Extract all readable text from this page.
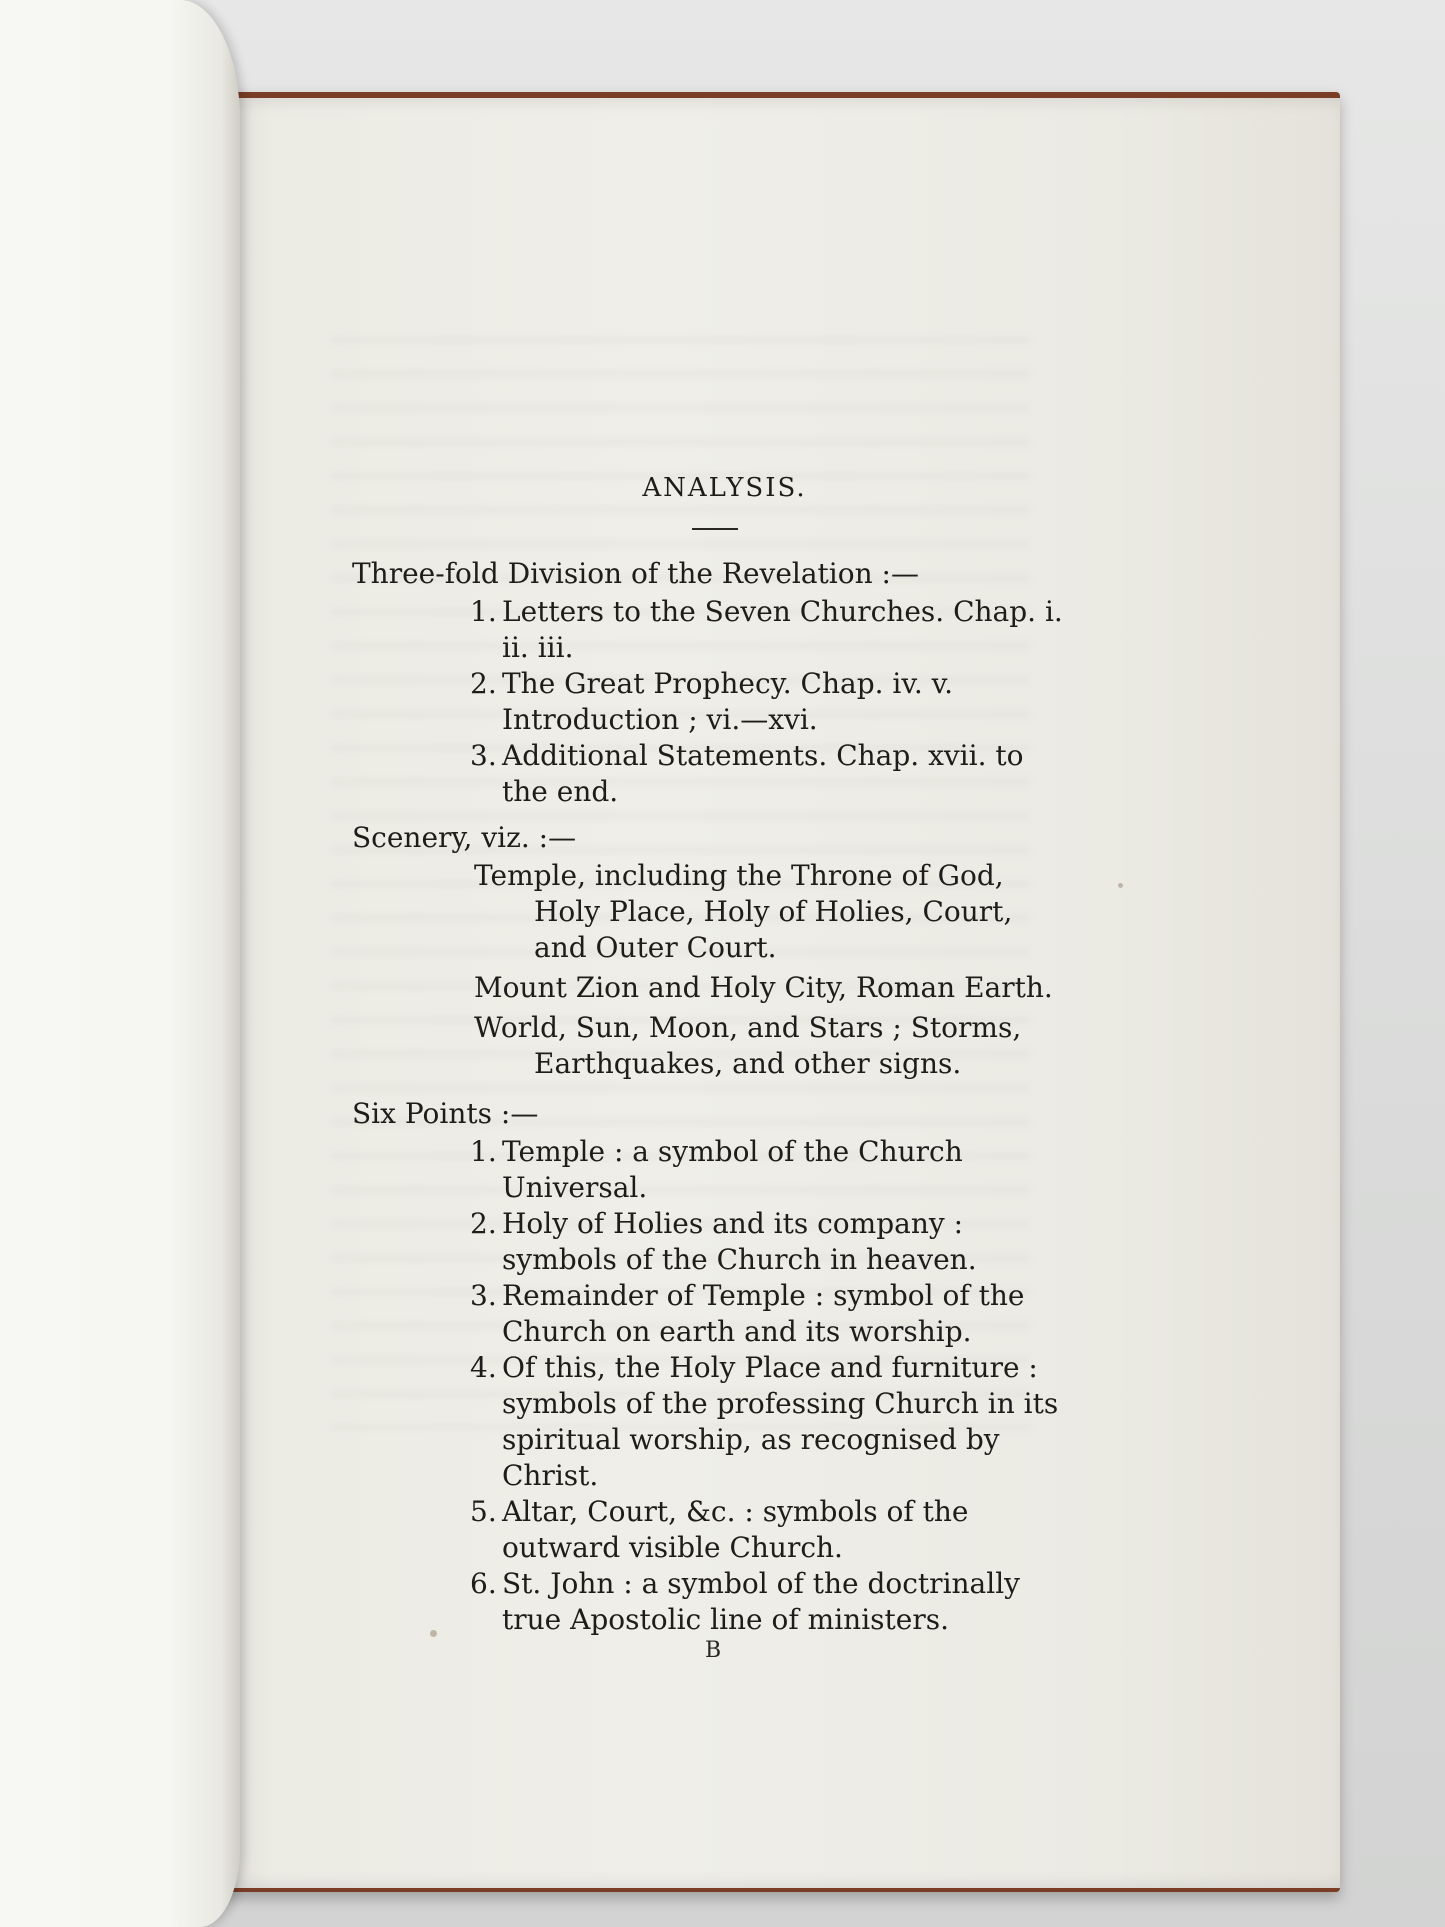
ANALYSIS.
Three-fold Division of the Revelation :—
1. Letters to the Seven Churches. Chap. i. ii. iii.
2. The Great Prophecy. Chap. iv. v. Introduction ; vi.—xvi.
3. Additional Statements. Chap. xvii. to the end.
Scenery, viz. :—
Temple, including the Throne of God, Holy Place, Holy of Holies, Court, and Outer Court.
Mount Zion and Holy City, Roman Earth.
World, Sun, Moon, and Stars ; Storms, Earthquakes, and other signs.
Six Points :—
1. Temple : a symbol of the Church Universal.
2. Holy of Holies and its company : symbols of the Church in heaven.
3. Remainder of Temple : symbol of the Church on earth and its worship.
4. Of this, the Holy Place and furniture : symbols of the professing Church in its spiritual worship, as recognised by Christ.
5. Altar, Court, &c. : symbols of the outward visible Church.
6. St. John : a symbol of the doctrinally true Apostolic line of ministers.
B
